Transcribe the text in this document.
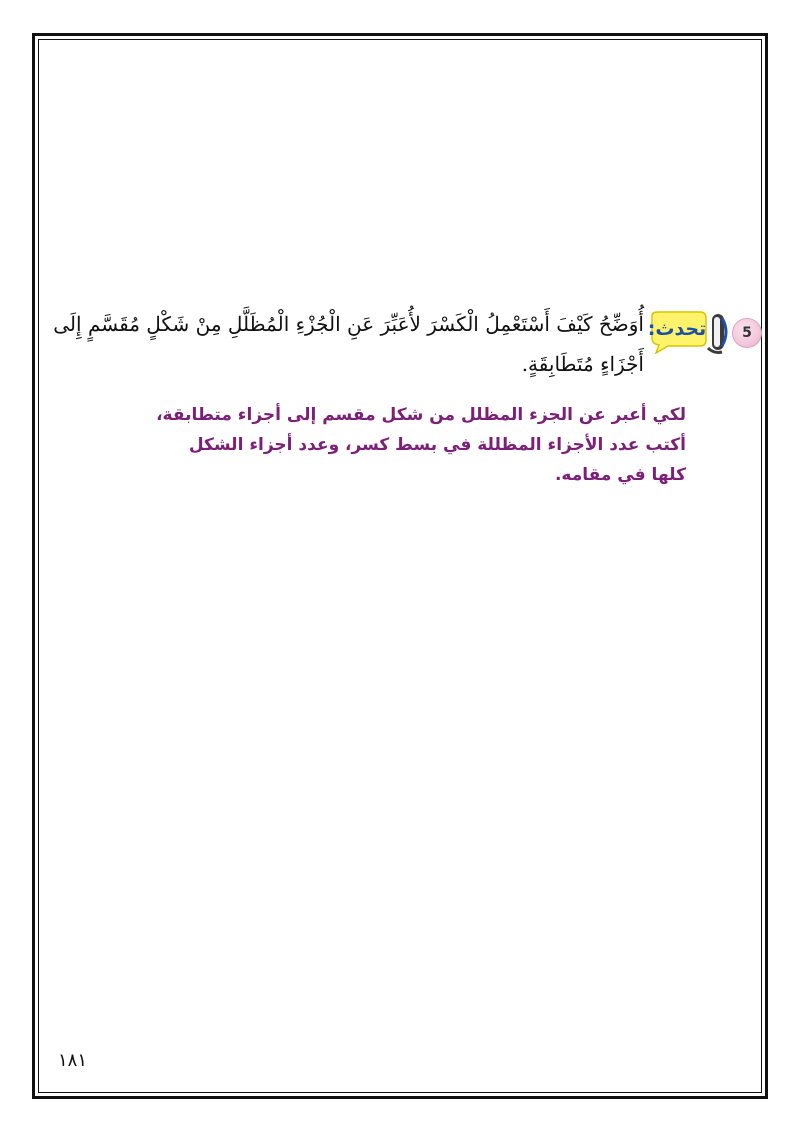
5
تحدث:
أُوَضِّحُ كَيْفَ أَسْتَعْمِلُ الْكَسْرَ لأُعَبِّرَ عَنِ الْجُزْءِ الْمُظَلَّلِ مِنْ شَكْلٍ مُقَسَّمٍ إِلَى أَجْزَاءٍ مُتَطَابِقَةٍ.
لكي أعبر عن الجزء المظلل من شكل مقسم إلى أجزاء متطابقة، أكتب عدد الأجزاء المظللة في بسط كسر، وعدد أجزاء الشكل كلها في مقامه.
١٨١
